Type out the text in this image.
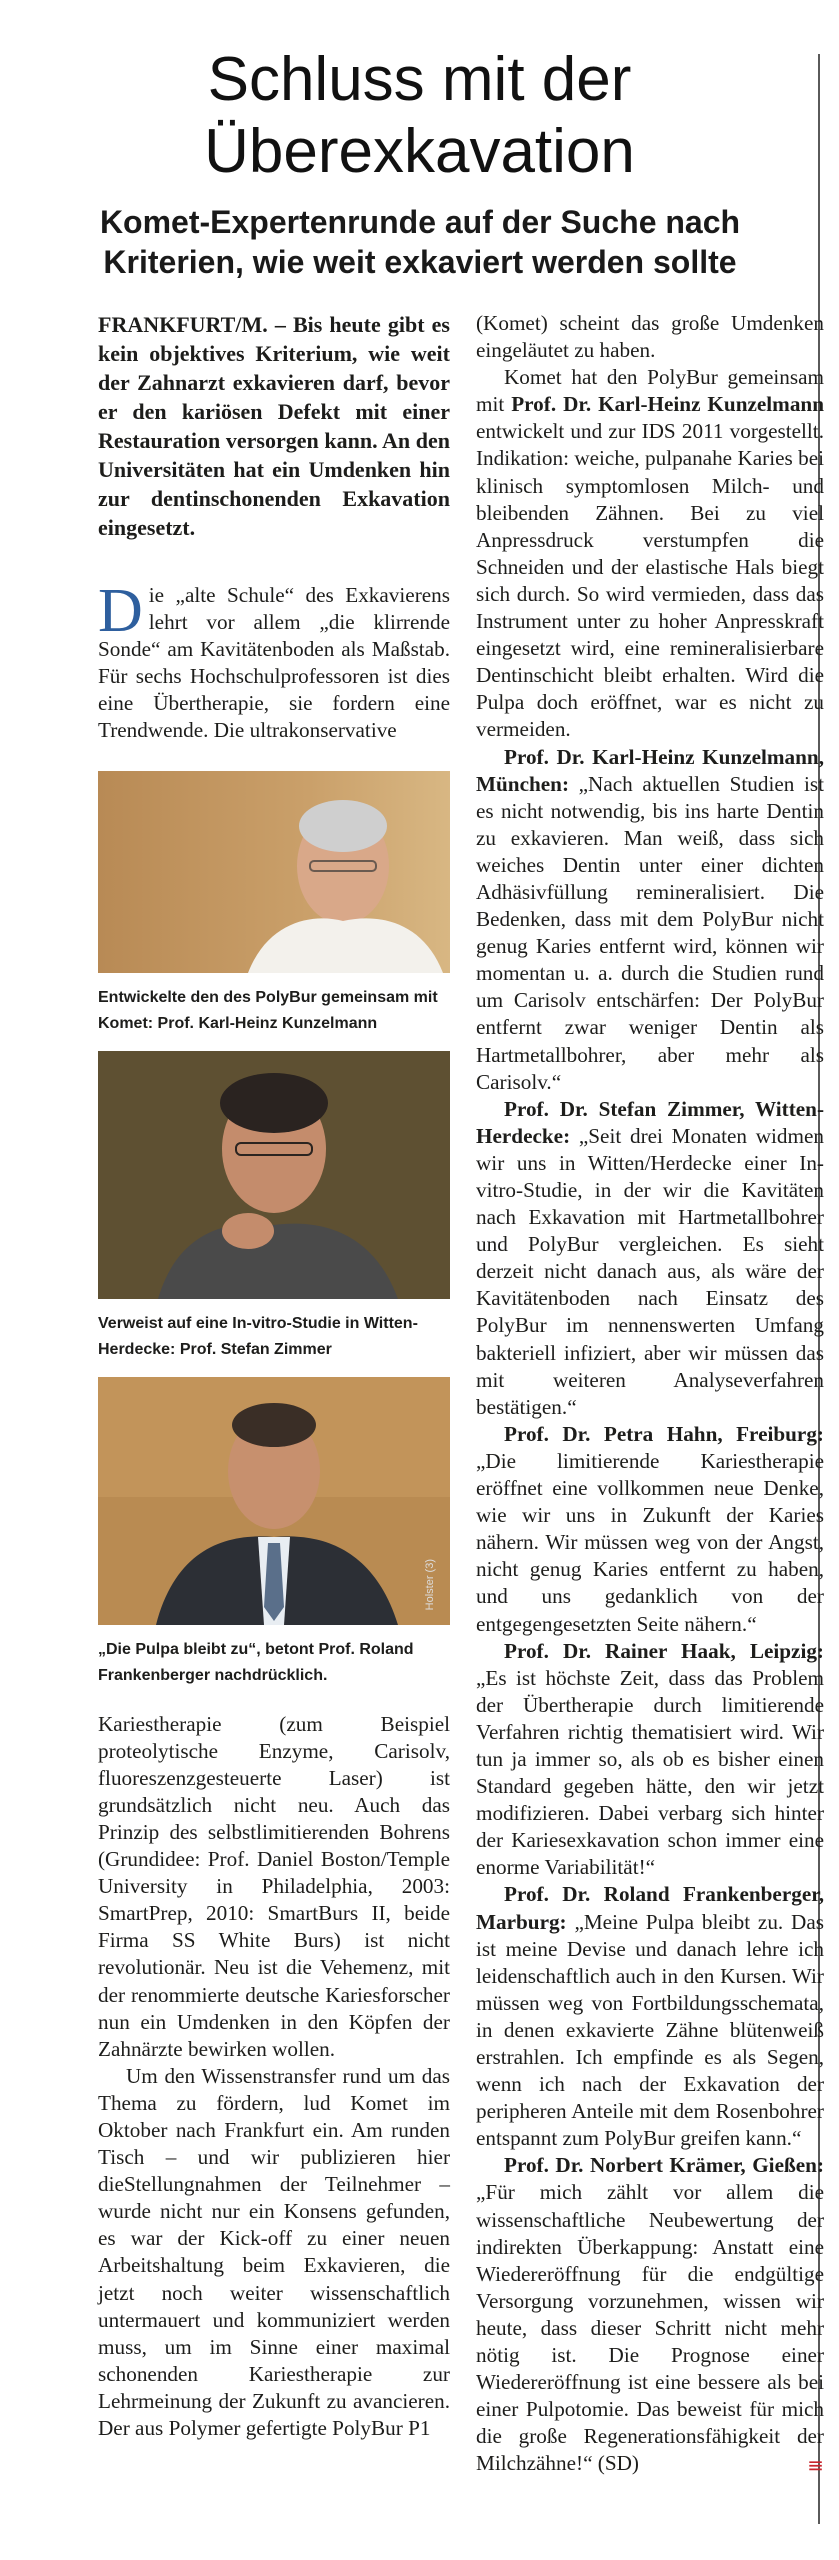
Schluss mit der
Überexkavation
Komet-Expertenrunde auf der Suche nach
Kriterien, wie weit exkaviert werden sollte

FRANKFURT/M. – Bis heute gibt es kein objektives Kriterium, wie weit der Zahnarzt exkavieren darf, bevor er den kariösen Defekt mit einer Restauration versorgen kann. An den Universitäten hat ein Umdenken hin zur dentinschonenden Exkavation eingesetzt.

Die „alte Schule“ des Exkavierens lehrt vor allem „die klirrende Sonde“ am Kavitätenboden als Maßstab. Für sechs Hochschulprofessoren ist dies eine Übertherapie, sie fordern eine Trendwende. Die ultrakonservative

Entwickelte den des PolyBur gemeinsam mit Komet: Prof. Karl-Heinz Kunzelmann

Verweist auf eine In-vitro-Studie in Witten-Herdecke: Prof. Stefan Zimmer

Holster (3)

„Die Pulpa bleibt zu“, betont Prof. Roland Frankenberger nachdrücklich.

Kariestherapie (zum Beispiel proteolytische Enzyme, Carisolv, fluoreszenzgesteuerte Laser) ist grundsätzlich nicht neu. Auch das Prinzip des selbstlimitierenden Bohrens (Grundidee: Prof. Daniel Boston/Temple University in Philadelphia, 2003: SmartPrep, 2010: SmartBurs II, beide Firma SS White Burs) ist nicht revolutionär. Neu ist die Vehemenz, mit der renommierte deutsche Kariesforscher nun ein Umdenken in den Köpfen der Zahnärzte bewirken wollen.

Um den Wissenstransfer rund um das Thema zu fördern, lud Komet im Oktober nach Frankfurt ein. Am runden Tisch – und wir publizieren hier dieStellungnahmen der Teilnehmer – wurde nicht nur ein Konsens gefunden, es war der Kick-off zu einer neuen Arbeitshaltung beim Exkavieren, die jetzt noch weiter wissenschaftlich untermauert und kommuniziert werden muss, um im Sinne einer maximal schonenden Kariestherapie zur Lehrmeinung der Zukunft zu avancieren. Der aus Polymer gefertigte PolyBur P1

(Komet) scheint das große Umdenken eingeläutet zu haben.

Komet hat den PolyBur gemeinsam mit Prof. Dr. Karl-Heinz Kunzelmann entwickelt und zur IDS 2011 vorgestellt. Indikation: weiche, pulpanahe Karies bei klinisch symptomlosen Milch- und bleibenden Zähnen. Bei zu viel Anpressdruck verstumpfen die Schneiden und der elastische Hals biegt sich durch. So wird vermieden, dass das Instrument unter zu hoher Anpresskraft eingesetzt wird, eine remineralisierbare Dentinschicht bleibt erhalten. Wird die Pulpa doch eröffnet, war es nicht zu vermeiden.

Prof. Dr. Karl-Heinz Kunzelmann, München: „Nach aktuellen Studien ist es nicht notwendig, bis ins harte Dentin zu exkavieren. Man weiß, dass sich weiches Dentin unter einer dichten Adhäsivfüllung remineralisiert. Die Bedenken, dass mit dem PolyBur nicht genug Karies entfernt wird, können wir momentan u. a. durch die Studien rund um Carisolv entschärfen: Der PolyBur entfernt zwar weniger Dentin als Hartmetallbohrer, aber mehr als Carisolv.“

Prof. Dr. Stefan Zimmer, Witten-Herdecke: „Seit drei Monaten widmen wir uns in Witten/Herdecke einer In-vitro-Studie, in der wir die Kavitäten nach Exkavation mit Hartmetallbohrer und PolyBur vergleichen. Es sieht derzeit nicht danach aus, als wäre der Kavitätenboden nach Einsatz des PolyBur im nennenswerten Umfang bakteriell infiziert, aber wir müssen das mit weiteren Analyseverfahren bestätigen.“

Prof. Dr. Petra Hahn, Freiburg: „Die limitierende Kariestherapie eröffnet eine vollkommen neue Denke, wie wir uns in Zukunft der Karies nähern. Wir müssen weg von der Angst, nicht genug Karies entfernt zu haben, und uns gedanklich von der entgegengesetzten Seite nähern.“

Prof. Dr. Rainer Haak, Leipzig: „Es ist höchste Zeit, dass das Problem der Übertherapie durch limitierende Verfahren richtig thematisiert wird. Wir tun ja immer so, als ob es bisher einen Standard gegeben hätte, den wir jetzt modifizieren. Dabei verbarg sich hinter der Kariesexkavation schon immer eine enorme Variabilität!“

Prof. Dr. Roland Frankenberger, Marburg: „Meine Pulpa bleibt zu. Das ist meine Devise und danach lehre ich leidenschaftlich auch in den Kursen. Wir müssen weg von Fortbildungsschemata, in denen exkavierte Zähne blütenweiß erstrahlen. Ich empfinde es als Segen, wenn ich nach der Exkavation der peripheren Anteile mit dem Rosenbohrer entspannt zum PolyBur greifen kann.“

Prof. Dr. Norbert Krämer, Gießen: „Für mich zählt vor allem die wissenschaftliche Neubewertung der indirekten Überkappung: Anstatt eine Wiedereröffnung für die endgültige Versorgung vorzunehmen, wissen wir heute, dass dieser Schritt nicht mehr nötig ist. Die Prognose einer Wiedereröffnung ist eine bessere als bei einer Pulpotomie. Das beweist für mich die große Regenerationsfähigkeit der Milchzähne!“ (SD)	≡
